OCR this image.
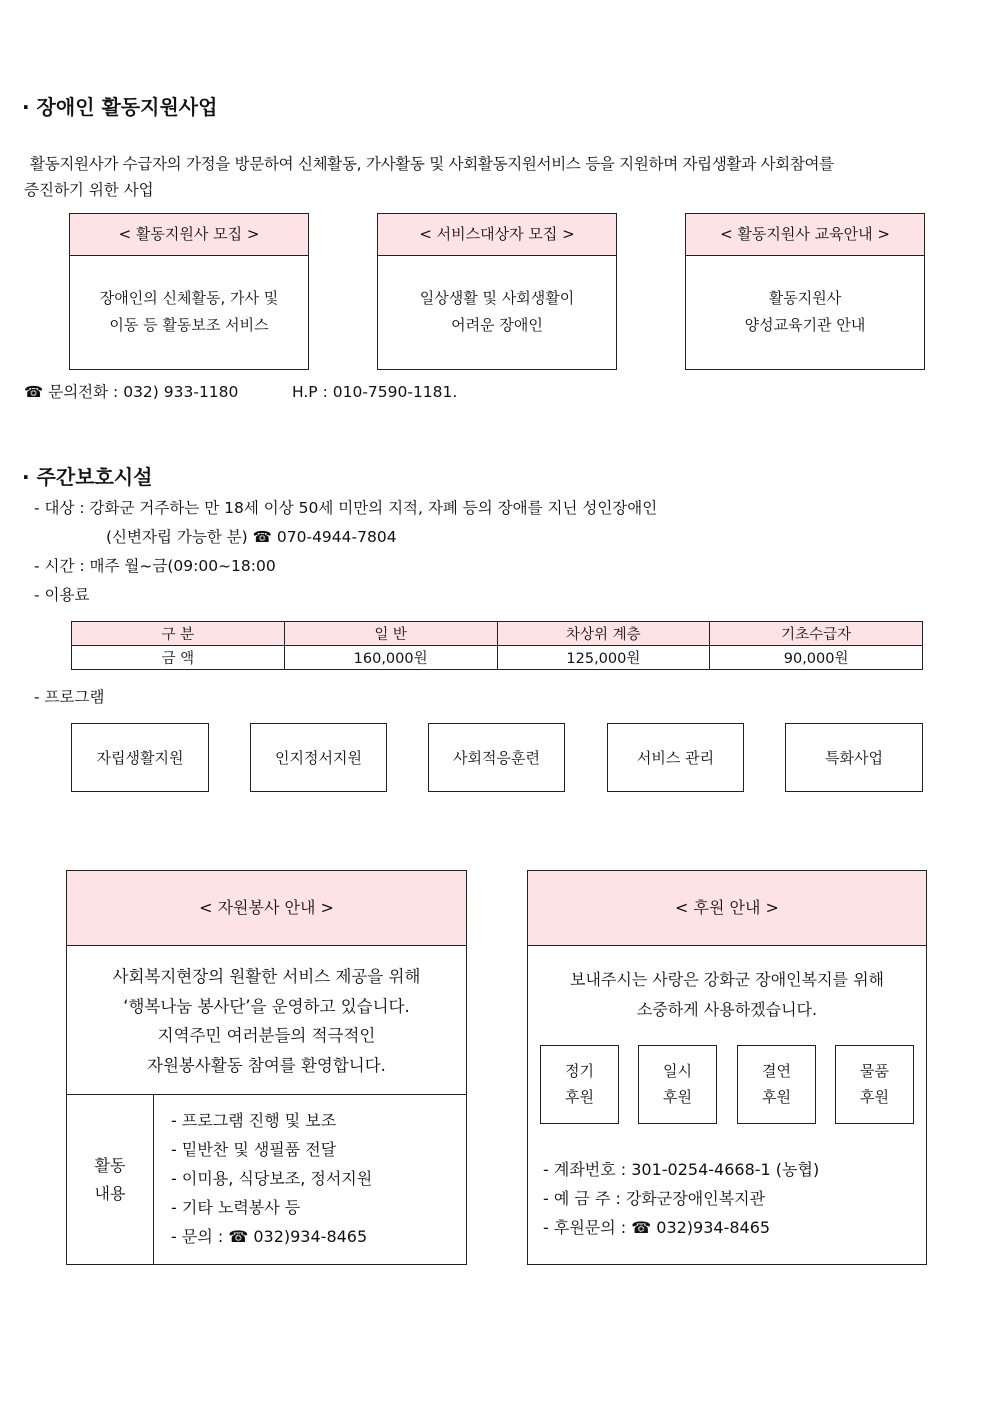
· 장애인 활동지원사업
활동지원사가 수급자의 가정을 방문하여 신체활동, 가사활동 및 사회활동지원서비스 등을 지원하며 자립생활과 사회참여를
증진하기 위한 사업
< 활동지원사 모집 >
장애인의 신체활동, 가사 및
이동 등 활동보조 서비스
< 서비스대상자 모집 >
일상생활 및 사회생활이
어려운 장애인
< 활동지원사 교육안내 >
활동지원사
양성교육기관 안내
☎ 문의전화 : 032) 933-1180	H.P : 010-7590-1181.
· 주간보호시설
- 대상 : 강화군 거주하는 만 18세 이상 50세 미만의 지적, 자폐 등의 장애를 지닌 성인장애인
(신변자립 가능한 분) ☎ 070-4944-7804
- 시간 : 매주 월~금(09:00~18:00
- 이용료
구 분	일 반	차상위 계층	기초수급자
금 액	160,000원	125,000원	90,000원
- 프로그램
자립생활지원	인지정서지원	사회적응훈련	서비스 관리	특화사업
< 자원봉사 안내 >
사회복지현장의 원활한 서비스 제공을 위해
‘행복나눔 봉사단’을 운영하고 있습니다.
지역주민 여러분들의 적극적인
자원봉사활동 참여를 환영합니다.
활동
내용
- 프로그램 진행 및 보조
- 밑반찬 및 생필품 전달
- 이미용, 식당보조, 정서지원
- 기타 노력봉사 등
- 문의 : ☎ 032)934-8465
< 후원 안내 >
보내주시는 사랑은 강화군 장애인복지를 위해
소중하게 사용하겠습니다.
정기
후원
일시
후원
결연
후원
물품
후원
- 계좌번호 : 301-0254-4668-1 (농협)
- 예 금 주 : 강화군장애인복지관
- 후원문의 : ☎ 032)934-8465
